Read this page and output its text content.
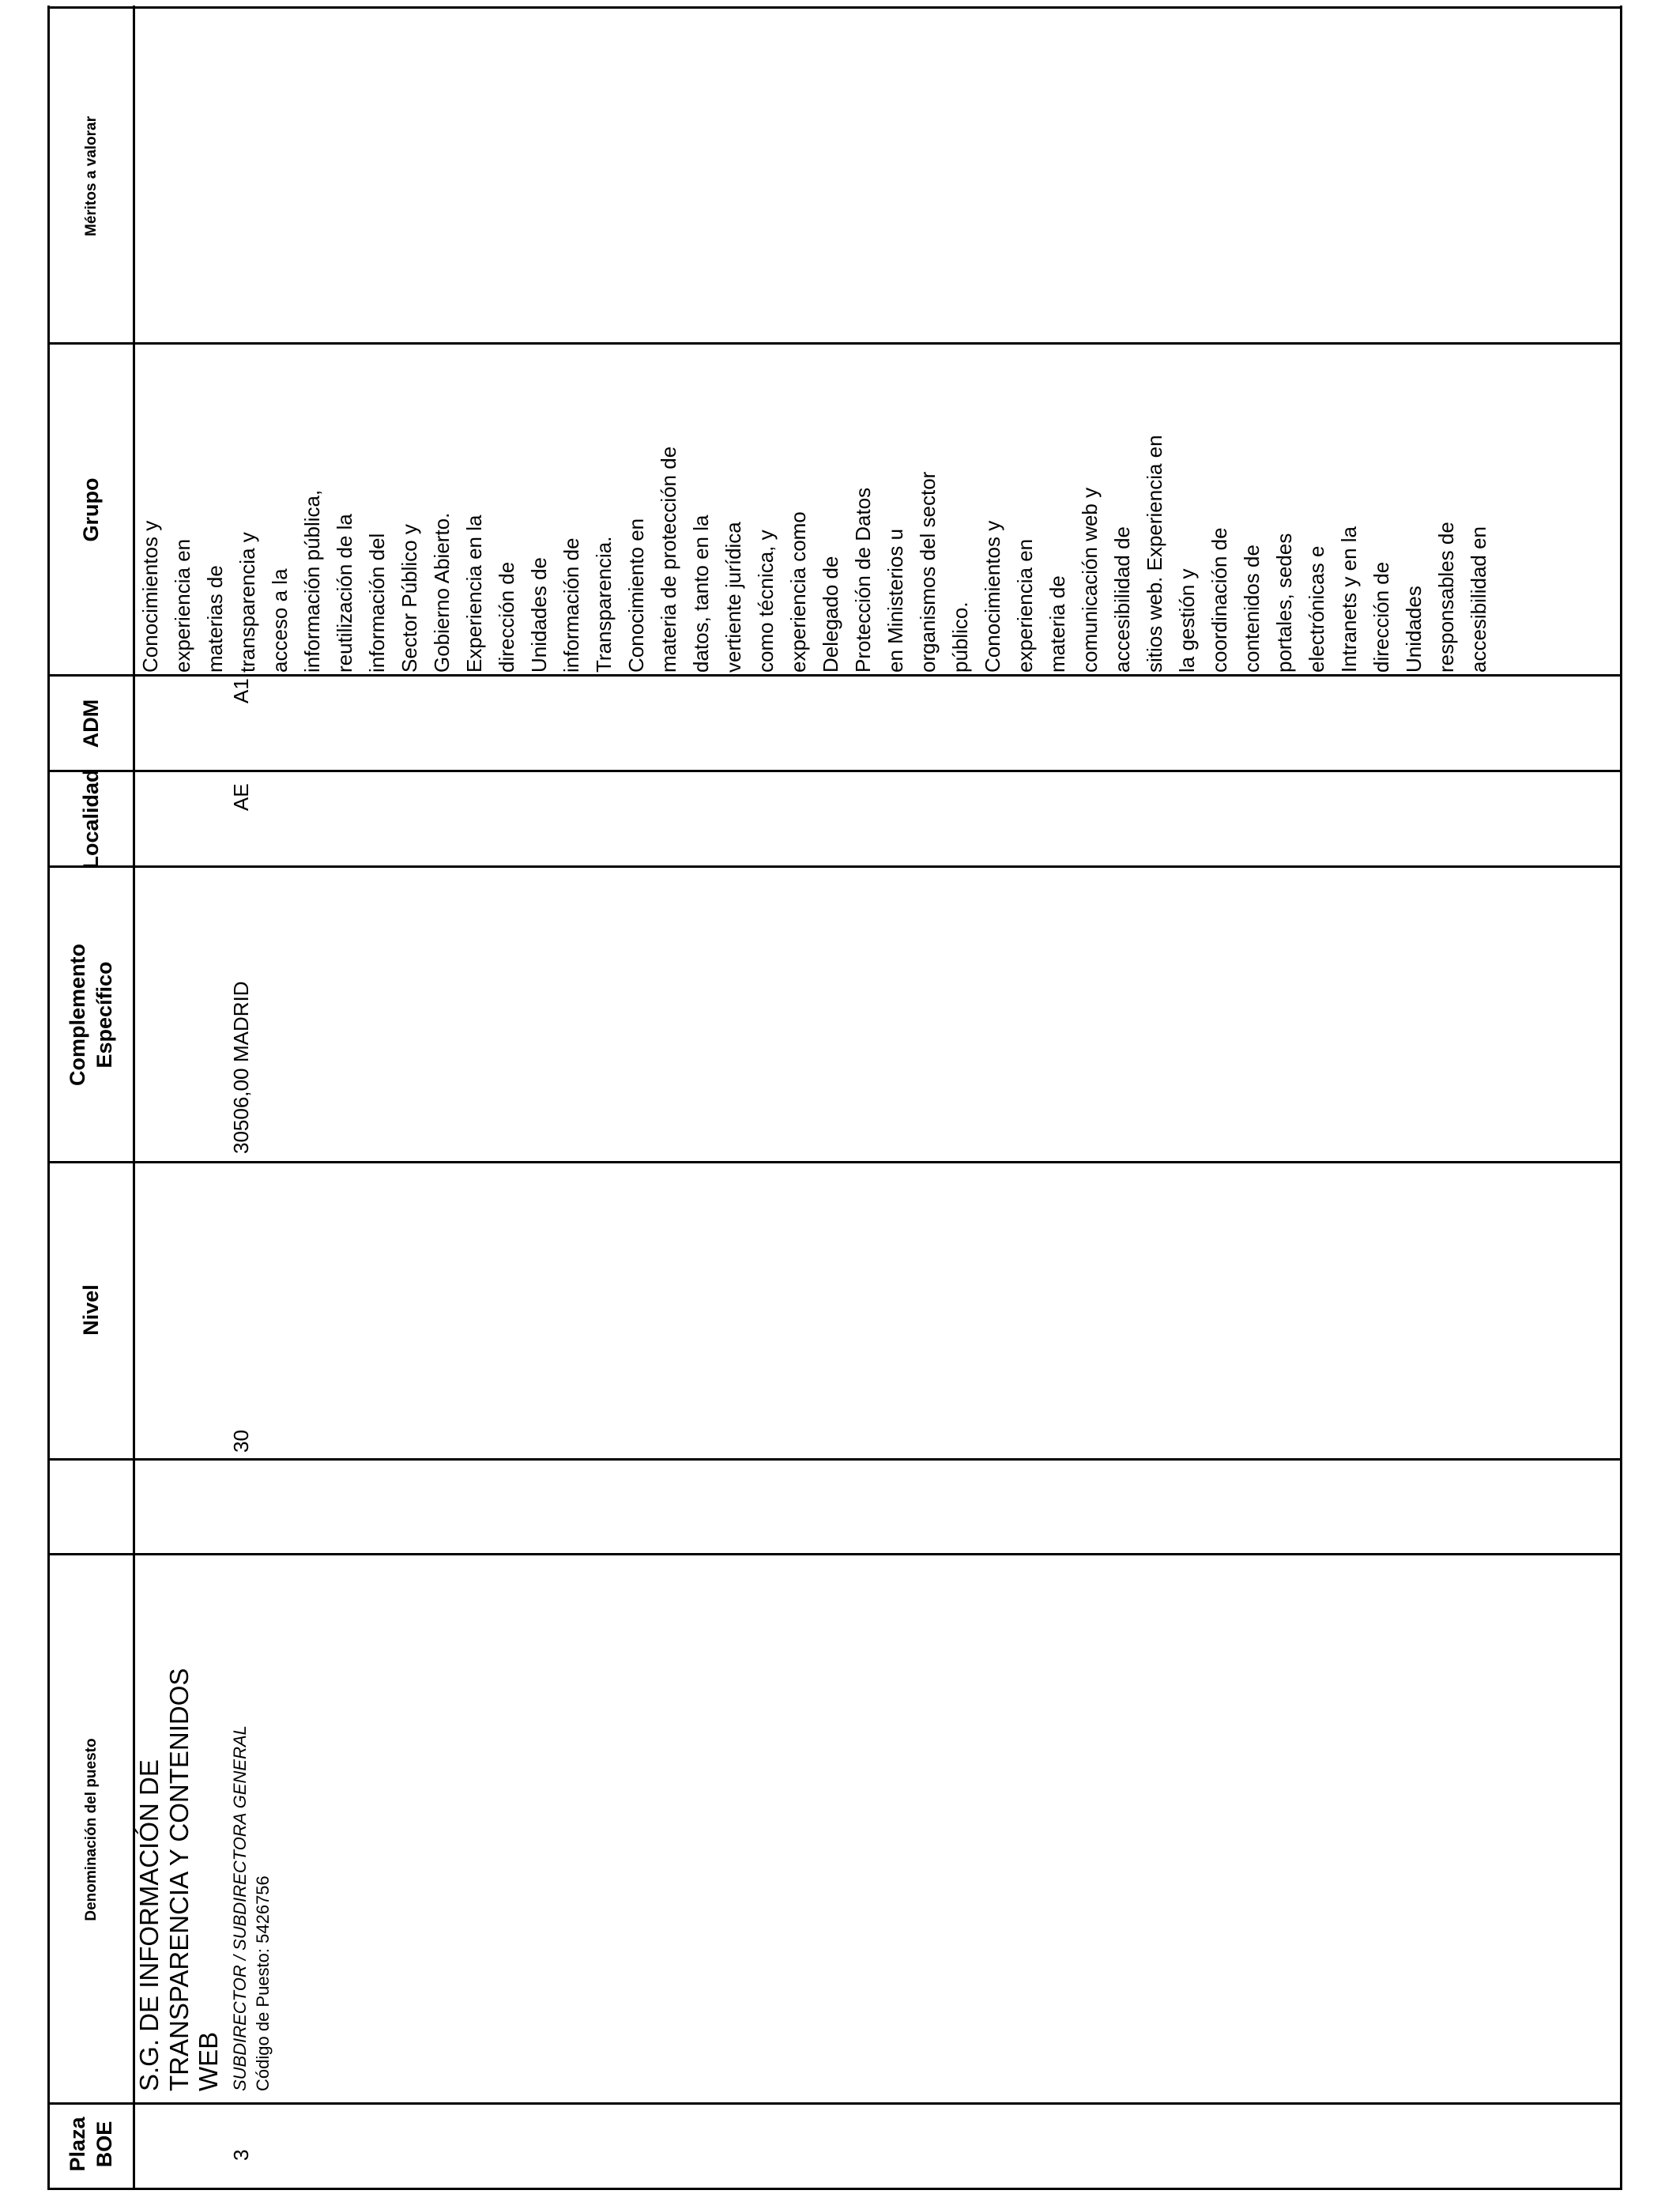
Plaza BOE
Denominación del puesto
Nivel
Complemento Específico
Localidad
ADM
Grupo
Méritos a valorar
3
S.G. DE INFORMACIÓN DE TRANSPARENCIA Y CONTENIDOS WEB SUBDIRECTOR / SUBDIRECTORA GENERAL Código de Puesto: 5426756
30
30506,00
MADRID
AE
A1
Conocimientos y experiencia en materias de transparencia y acceso a la información pública, reutilización de la información del Sector Público y Gobierno Abierto. Experiencia en la dirección de Unidades de información de Transparencia. Conocimiento en materia de protección de datos, tanto en la vertiente jurídica como técnica, y experiencia como Delegado de Protección de Datos en Ministerios u organismos del sector público. Conocimientos y experiencia en materia de comunicación web y accesibilidad de sitios web. Experiencia en la gestión y coordinación de contenidos de portales, sedes electrónicas e Intranets y en la dirección de Unidades responsables de accesibilidad en
